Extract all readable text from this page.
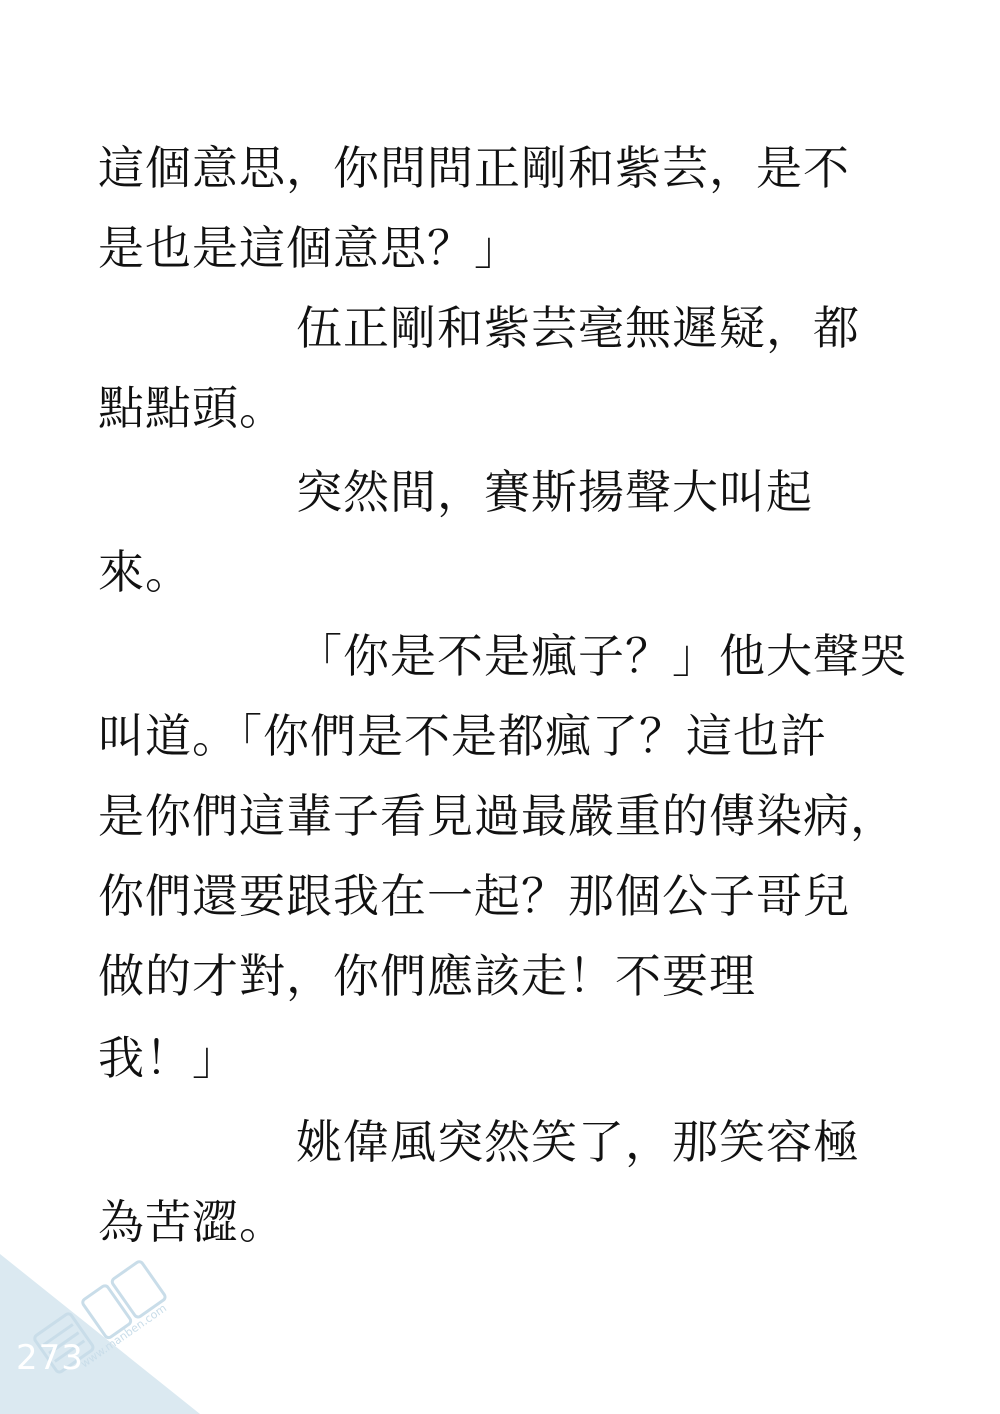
這個意思，你問問正剛和紫芸，是不
是也是這個意思？」
伍正剛和紫芸毫無遲疑，都
點點頭。
突然間，賽斯揚聲大叫起
來。
「你是不是瘋子？」他大聲哭
叫道。「你們是不是都瘋了？這也許
是你們這輩子看見過最嚴重的傳染病，
你們還要跟我在一起？那個公子哥兒
做的才對，你們應該走！不要理
我！」
姚偉風突然笑了，那笑容極
為苦澀。
www.manben.com
273
